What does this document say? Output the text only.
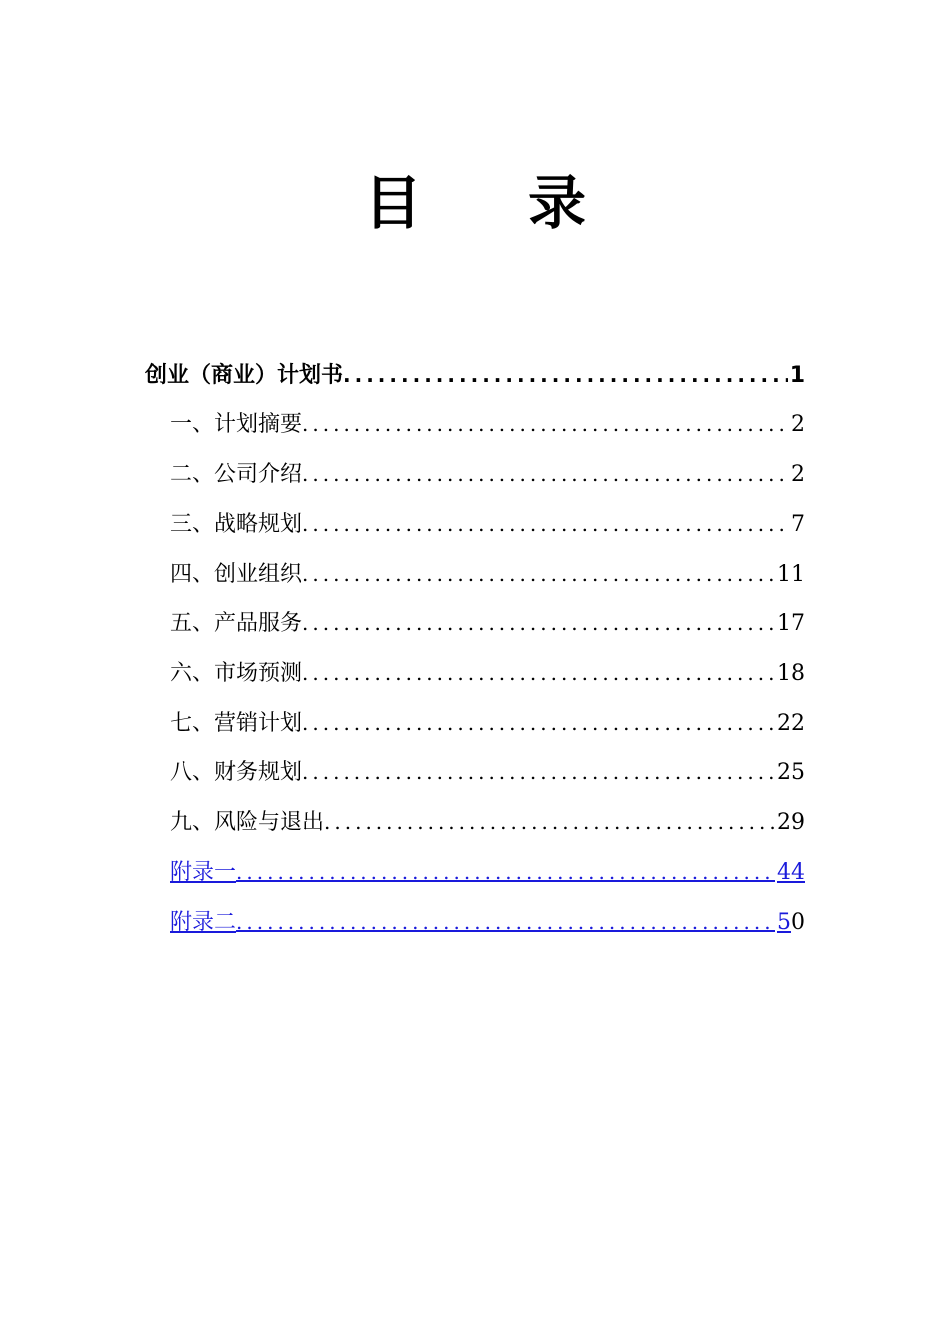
目 录
创业（商业）计划书 .....	1
一、计划摘要 .....	2
二、公司介绍 .....	2
三、战略规划 .....	7
四、创业组织 .....	11
五、产品服务 .....	17
六、市场预测 .....	18
七、营销计划 .....	22
八、财务规划 .....	25
九、风险与退出 .....	29
附录一 .....	44
附录二 .....	50
